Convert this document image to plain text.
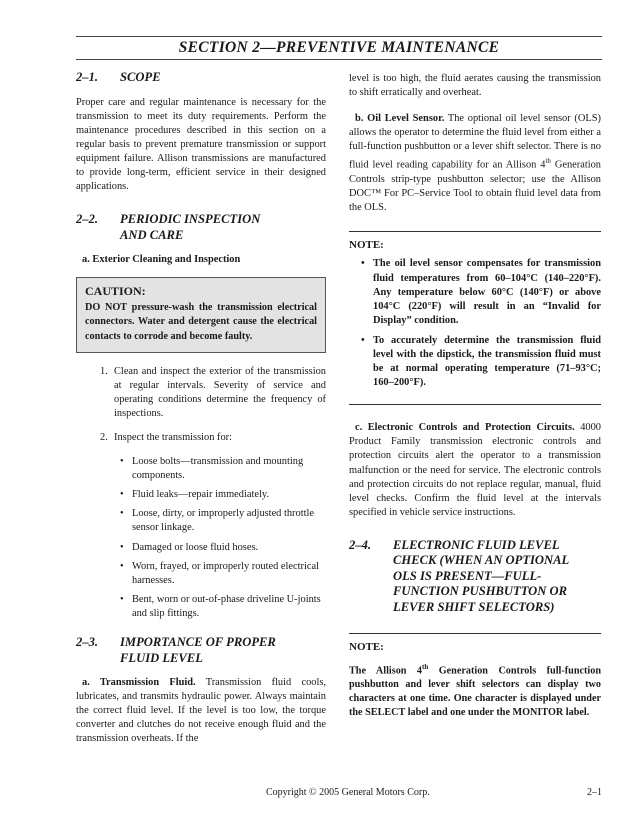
SECTION 2—PREVENTIVE MAINTENANCE
2–1.	SCOPE

Proper care and regular maintenance is necessary for the transmission to meet its duty requirements. Perform the maintenance procedures described in this section on a regular basis to prevent premature transmission or support equipment failure. Allison transmissions are manufactured to provide long-term, efficient service in their designed applications.

2–2.	PERIODIC INSPECTION
AND CARE
a. Exterior Cleaning and Inspection
CAUTION:
DO NOT pressure-wash the transmission electrical connectors. Water and detergent cause the electrical contacts to corrode and become faulty.
1. Clean and inspect the exterior of the transmission at regular intervals. Severity of service and operating conditions determine the frequency of inspections.
2. Inspect the transmission for:
• Loose bolts—transmission and mounting components.
• Fluid leaks—repair immediately.
• Loose, dirty, or improperly adjusted throttle sensor linkage.
• Damaged or loose fluid hoses.
• Worn, frayed, or improperly routed electrical harnesses.
• Bent, worn or out-of-phase driveline U-joints and slip fittings.
2–3.	IMPORTANCE OF PROPER
FLUID LEVEL

a. Transmission Fluid. Transmission fluid cools, lubricates, and transmits hydraulic power. Always maintain the correct fluid level. If the level is too low, the torque converter and clutches do not receive enough fluid and the transmission overheats. If the

level is too high, the fluid aerates causing the transmission to shift erratically and overheat.

b. Oil Level Sensor. The optional oil level sensor (OLS) allows the operator to determine the fluid level from either a full-function pushbutton or a lever shift selector. There is no fluid level reading capability for an Allison 4th Generation Controls strip-type pushbutton selector; use the Allison DOC™ For PC–Service Tool to obtain fluid level data from the OLS.

NOTE:
• The oil level sensor compensates for transmission fluid temperatures from 60–104°C (140–220°F). Any temperature below 60°C (140°F) or above 104°C (220°F) will result in an “Invalid for Display” condition.
• To accurately determine the transmission fluid level with the dipstick, the transmission fluid must be at normal operating temperature (71–93°C; 160–200°F).

c. Electronic Controls and Protection Circuits. 4000 Product Family transmission electronic controls and protection circuits alert the operator to a transmission malfunction or the need for service. The electronic controls and protection circuits do not replace regular, manual, fluid level checks. Confirm the fluid level at the intervals specified in vehicle service instructions.

2–4.	ELECTRONIC FLUID LEVEL
CHECK (WHEN AN OPTIONAL
OLS IS PRESENT—FULL-
FUNCTION PUSHBUTTON OR
LEVER SHIFT SELECTORS)
NOTE:

The Allison 4th Generation Controls full-function pushbutton and lever shift selectors can display two characters at one time. One character is displayed under the SELECT label and one under the MONITOR label.

Copyright © 2005 General Motors Corp.	2–1
